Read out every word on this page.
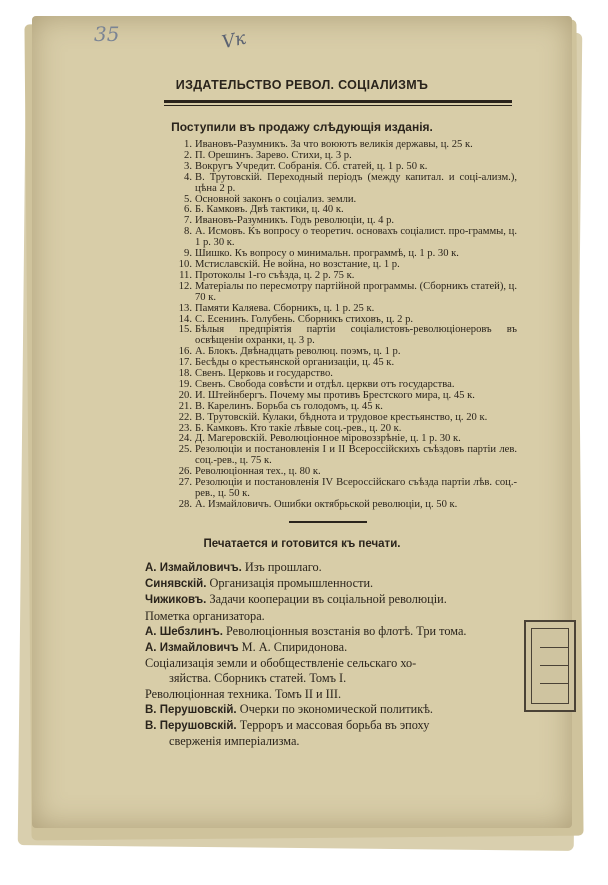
35	Vк
ИЗДАТЕЛЬСТВО РЕВОЛ. СОЦІАЛИЗМЪ
Поступили въ продажу слѣдующія изданія.
1. Ивановъ-Разумникъ. За что воюютъ великія державы, ц. 25 к.
2. П. Орешинъ. Зарево. Стихи, ц. 3 р.
3. Вокругъ Учредит. Собранія. Сб. статей, ц. 1 р. 50 к.
4. В. Трутовскій. Переходный періодъ (между капитал. и соці-ализм.), цѣна 2 р.
5. Основной законъ о соціализ. земли.
6. Б. Камковъ. Двѣ тактики, ц. 40 к.
7. Ивановъ-Разумникъ. Годъ революціи, ц. 4 р.
8. А. Исмовъ. Къ вопросу о теоретич. основахъ соціалист. про-граммы, ц. 1 р. 30 к.
9. Шишко. Къ вопросу о минимальн. программѣ, ц. 1 р. 30 к.
10. Мстиславскій. Не война, но возстание, ц. 1 р.
11. Протоколы 1-го съѣзда, ц. 2 р. 75 к.
12. Матеріалы по пересмотру партійной программы. (Сборникъ статей), ц. 70 к.
13. Памяти Каляева. Сборникъ, ц. 1 р. 25 к.
14. С. Есенинъ. Голубень. Сборникъ стиховъ, ц. 2 р.
15. Бѣлыя предпріятія партіи соціалистовъ-революціонеровъ въ освѣщеніи охранки, ц. 3 р.
16. А. Блокъ. Двѣнадцать революц. поэмъ, ц. 1 р.
17. Бесѣды о крестьянской организаціи, ц. 45 к.
18. Свенъ. Церковь и государство.
19. Свенъ. Свобода совѣсти и отдѣл. церкви отъ государства.
20. И. Штейнбергъ. Почему мы противъ Брестского мира, ц. 45 к.
21. В. Карелинъ. Борьба съ голодомъ, ц. 45 к.
22. В. Трутовскій. Кулаки, бѣднота и трудовое крестьянство, ц. 20 к.
23. Б. Камковъ. Кто такіе лѣвые соц.-рев., ц. 20 к.
24. Д. Магеровскій. Революціонное міровоззрѣніе, ц. 1 р. 30 к.
25. Резолюціи и постановленія I и II Всероссійскихъ съѣздовъ партіи лев. соц.-рев., ц. 75 к.
26. Революціонная тех., ц. 80 к.
27. Резолюціи и постановленія IV Всероссійскаго съѣзда партіи лѣв. соц.-рев., ц. 50 к.
28. А. Измайловичъ. Ошибки октябрьской революціи, ц. 50 к.
Печатается и готовится къ печати.
А. Измайловичъ. Изъ прошлаго.
Синявскій. Организація промышленности.
Чижиковъ. Задачи кооперации въ соціальной революціи.
Пометка организатора.
А. Шебзлинъ. Революціонныя возстанія во флотѣ. Три тома.
А. Измайловичъ М. А. Спиридонова.
Соціализація земли и обобществленіе сельскаго хо-
зяйства. Сборникъ статей. Томъ I.
Революціонная техника. Томъ II и III.
В. Перушовскій. Очерки по экономической политикѣ.
В. Перушовскій. Терроръ и массовая борьба въ эпоху
сверженія имперіализма.
